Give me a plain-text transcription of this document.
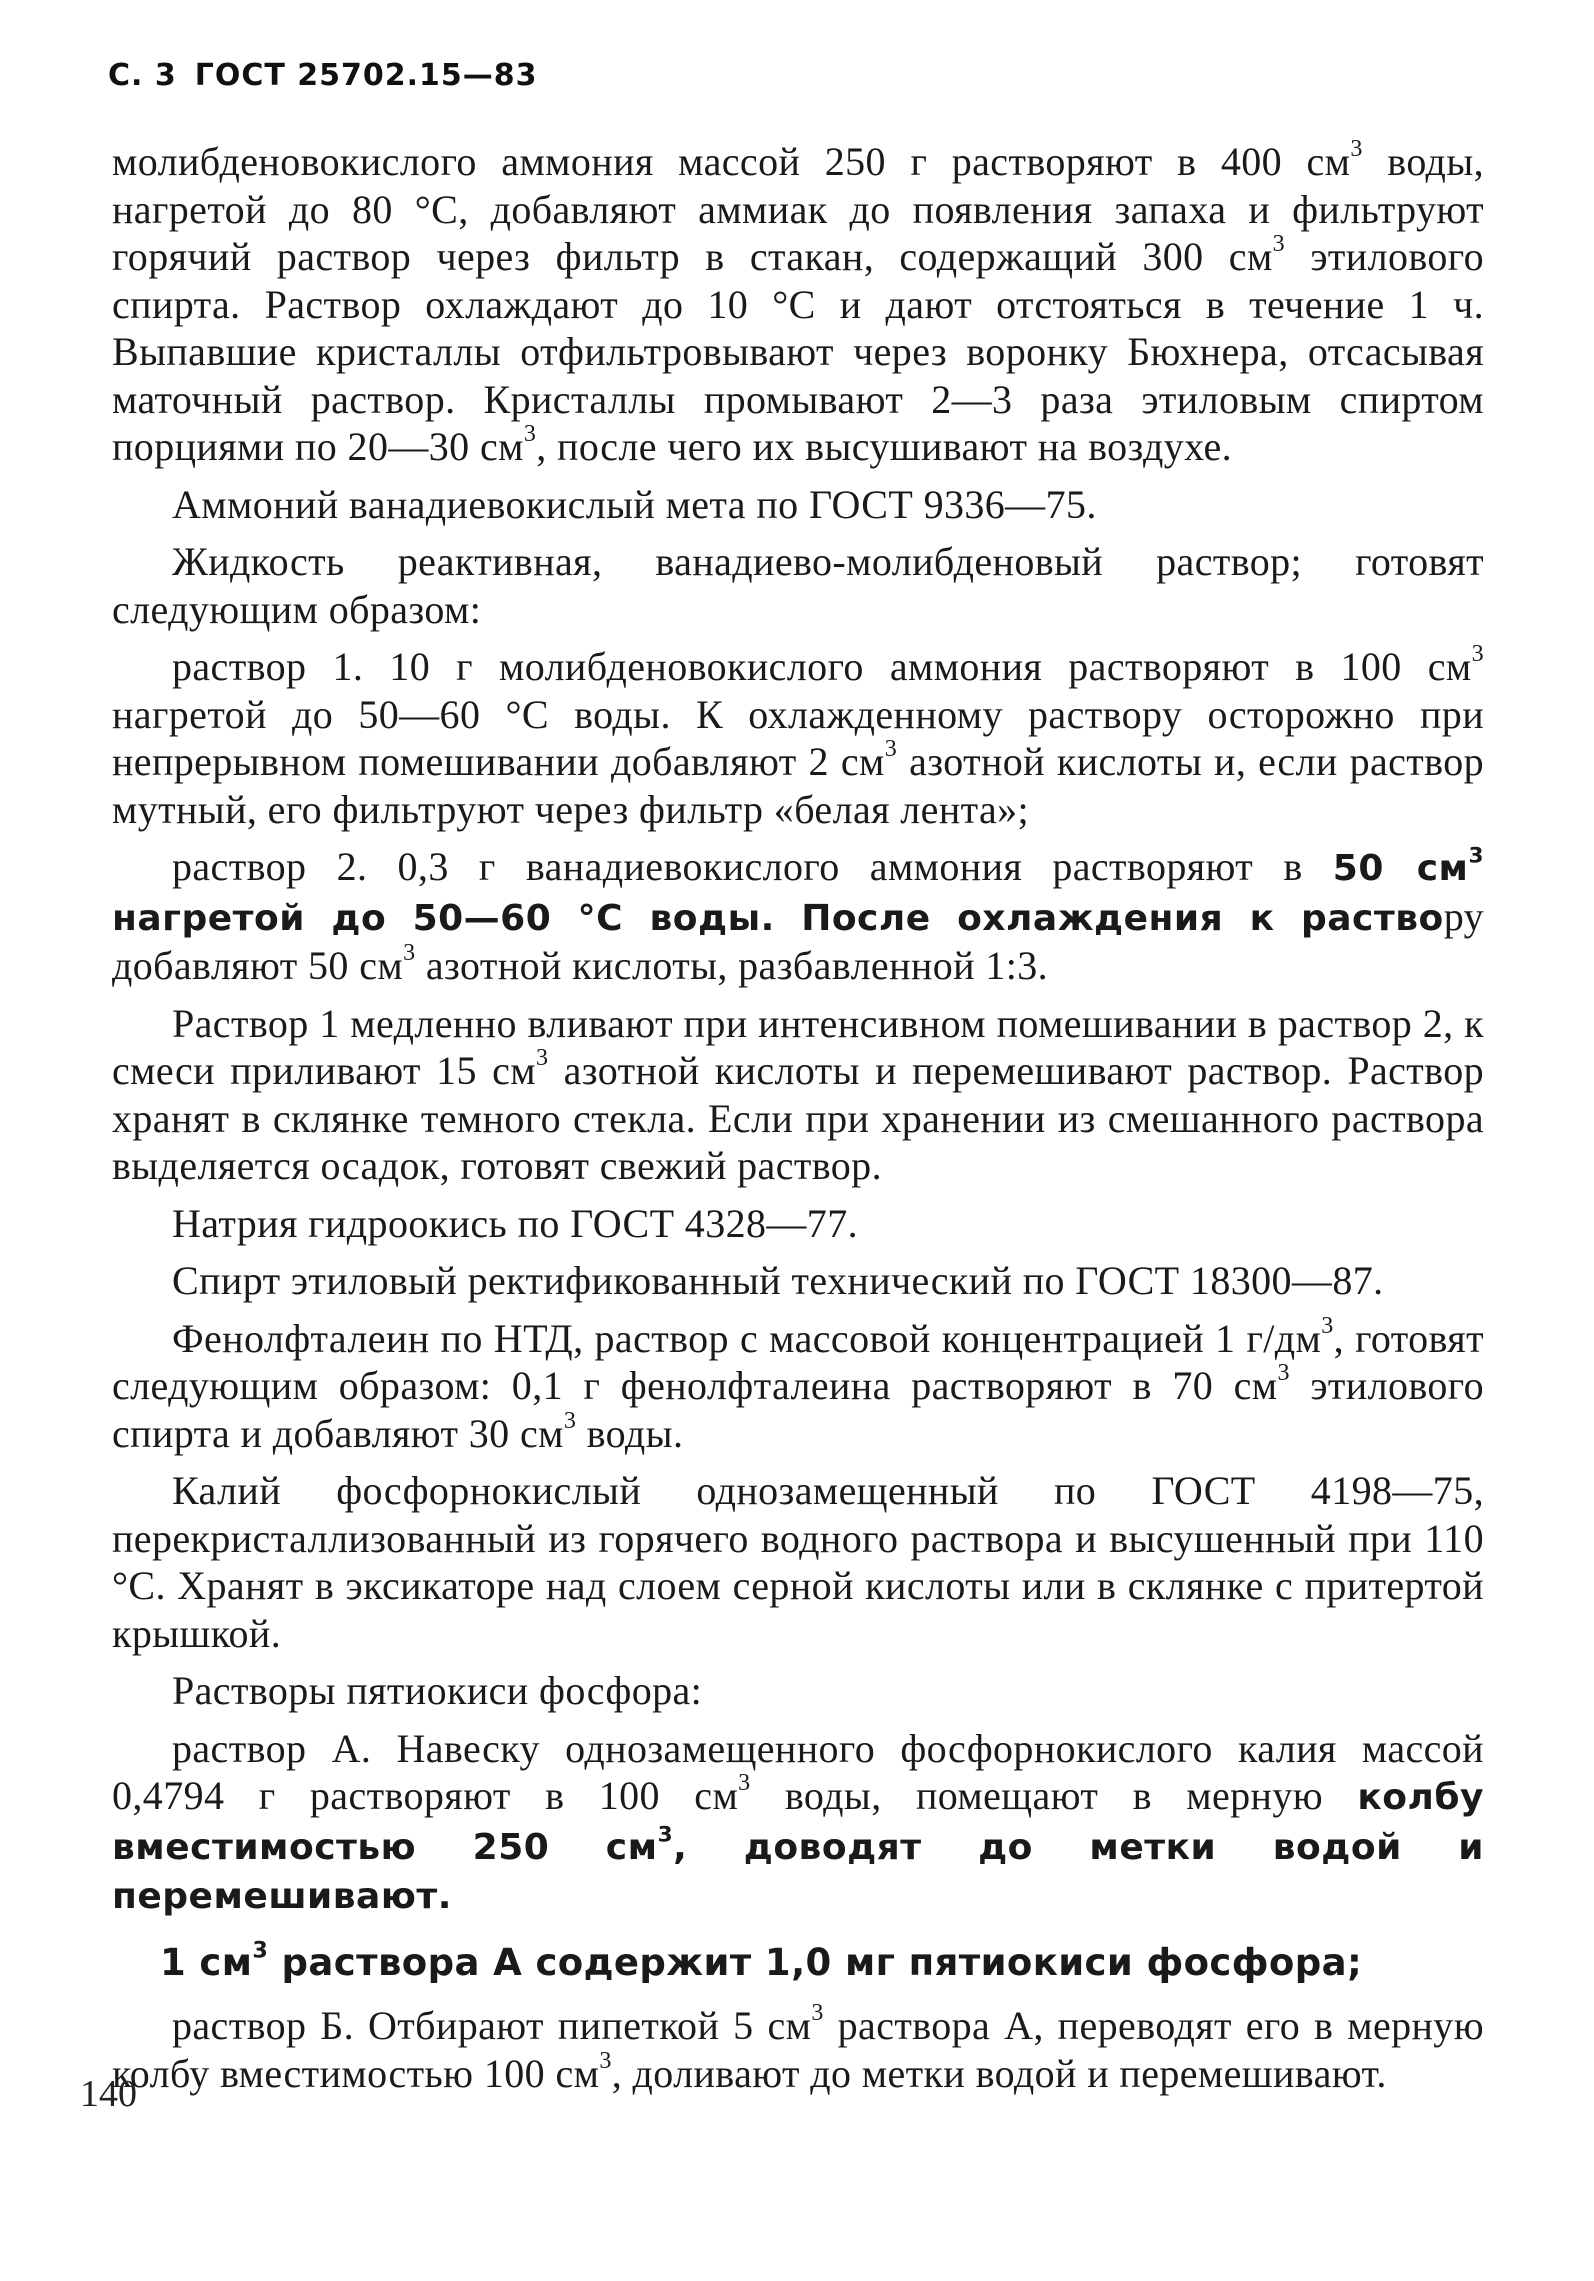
С. 3 ГОСТ 25702.15—83

молибденовокислого аммония массой 250 г растворяют в 400 $см^3$ воды, нагретой до 80 °С, добавляют аммиак до появления запаха и фильтруют горячий раствор через фильтр в стакан, содержащий 300 $см^3$ этилового спирта. Раствор охлаждают до 10 °С и дают отстояться в течение 1 ч. Выпавшие кристаллы отфильтровывают через воронку Бюхнера, отсасывая маточный раствор. Кристаллы промывают 2—3 раза этиловым спиртом порциями по 20—30 $см^3$, после чего их высушивают на воздухе.

Аммоний ванадиевокислый мета по ГОСТ 9336—75.

Жидкость реактивная, ванадиево-молибденовый раствор; готовят следующим образом:

раствор 1. 10 г молибденовокислого аммония растворяют в 100 $см^3$ нагретой до 50—60 °С воды. К охлажденному раствору осторожно при непрерывном помешивании добавляют 2 $см^3$ азотной кислоты и, если раствор мутный, его фильтруют через фильтр «белая лента»;

раствор 2. 0,3 г ванадиевокислого аммония растворяют в 50 $см^3$ нагретой до 50—60 °С воды. После охлаждения к раствору добавляют 50 $см^3$ азотной кислоты, разбавленной 1:3.

Раствор 1 медленно вливают при интенсивном помешивании в раствор 2, к смеси приливают 15 $см^3$ азотной кислоты и перемешивают раствор. Раствор хранят в склянке темного стекла. Если при хранении из смешанного раствора выделяется осадок, готовят свежий раствор.

Натрия гидроокись по ГОСТ 4328—77.

Спирт этиловый ректификованный технический по ГОСТ 18300—87.

Фенолфталеин по НТД, раствор с массовой концентрацией 1 $г/дм^3$, готовят следующим образом: 0,1 г фенолфталеина растворяют в 70 $см^3$ этилового спирта и добавляют 30 $см^3$ воды.

Калий фосфорнокислый однозамещенный по ГОСТ 4198—75, перекристаллизованный из горячего водного раствора и высушенный при 110 °С. Хранят в эксикаторе над слоем серной кислоты или в склянке с притертой крышкой.

Растворы пятиокиси фосфора:

раствор А. Навеску однозамещенного фосфорнокислого калия массой 0,4794 г растворяют в 100 $см^3$ воды, помещают в мерную колбу вместимостью 250 $см^3$, доводят до метки водой и перемешивают.

1 $см^3$ раствора А содержит 1,0 мг пятиокиси фосфора;

раствор Б. Отбирают пипеткой 5 $см^3$ раствора А, переводят его в мерную колбу вместимостью 100 $см^3$, доливают до метки водой и перемешивают.

140
